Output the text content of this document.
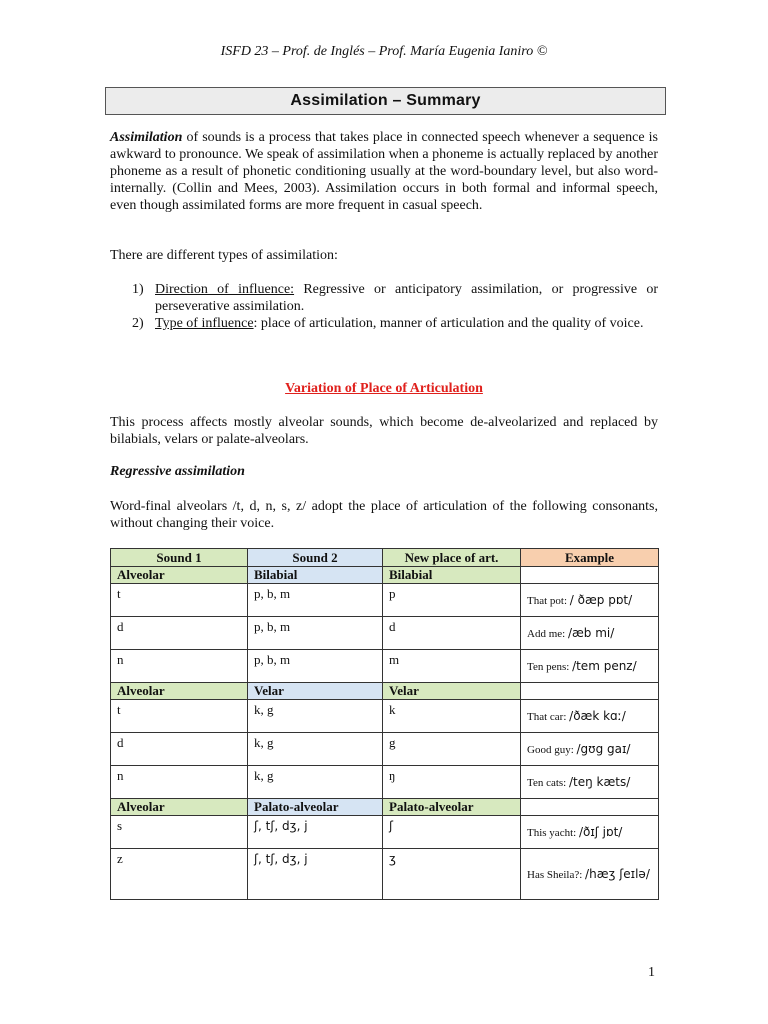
ISFD 23 – Prof. de Inglés – Prof. María Eugenia Ianiro ©
Assimilation – Summary
Assimilation of sounds is a process that takes place in connected speech whenever a sequence is awkward to pronounce. We speak of assimilation when a phoneme is actually replaced by another phoneme as a result of phonetic conditioning usually at the word-boundary level, but also word-internally. (Collin and Mees, 2003). Assimilation occurs in both formal and informal speech, even though assimilated forms are more frequent in casual speech.
There are different types of assimilation:
1) Direction of influence: Regressive or anticipatory assimilation, or progressive or perseverative assimilation.
2) Type of influence: place of articulation, manner of articulation and the quality of voice.
Variation of Place of Articulation
This process affects mostly alveolar sounds, which become de-alveolarized and replaced by bilabials, velars or palate-alveolars.
Regressive assimilation
Word-final alveolars /t, d, n, s, z/ adopt the place of articulation of the following consonants, without changing their voice.
Sound 1	Sound 2	New place of art.	Example
Alveolar	Bilabial	Bilabial	
t	p, b, m	p	That pot: / ðæp pɒt/
d	p, b, m	d	Add me: /æb mi/
n	p, b, m	m	Ten pens: /tem penz/
Alveolar	Velar	Velar	
t	k, g	k	That car: /ðæk kɑː/
d	k, g	g	Good guy: /gʊg gaɪ/
n	k, g	ŋ	Ten cats: /teŋ kæts/
Alveolar	Palato-alveolar	Palato-alveolar	
s	ʃ, tʃ, dʒ, j	ʃ	This yacht: /ðɪʃ jɒt/
z	ʃ, tʃ, dʒ, j	ʒ	Has Sheila?: /hæʒ ʃeɪlə/
1
